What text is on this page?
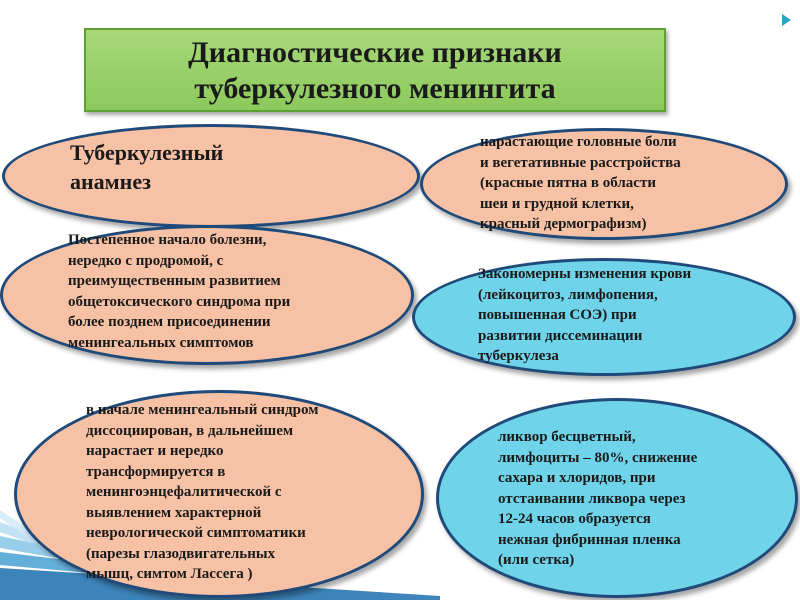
Диагностические признаки
туберкулезного менингита
Туберкулезный
анамнез
Постепенное начало болезни,
нередко с продромой, с
преимущественным развитием
общетоксического синдрома при
более позднем присоединении
менингеальных симптомов
в начале менингеальный синдром
диссоциирован, в дальнейшем
нарастает и нередко
трансформируется в
менингоэнцефалитической с
выявлением характерной
неврологической симптоматики
(парезы глазодвигательных
мышц, симтом Лассега )
нарастающие головные боли
и вегетативные расстройства
(красные пятна в области
шеи и грудной клетки,
красный дермографизм)
Закономерны изменения крови
(лейкоцитоз, лимфопения,
повышенная СОЭ) при
развитии диссеминации
туберкулеза
ликвор бесцветный,
лимфоциты – 80%, снижение
сахара и хлоридов, при
отстаивании ликвора через
12-24 часов образуется
нежная фибринная пленка
(или сетка)
